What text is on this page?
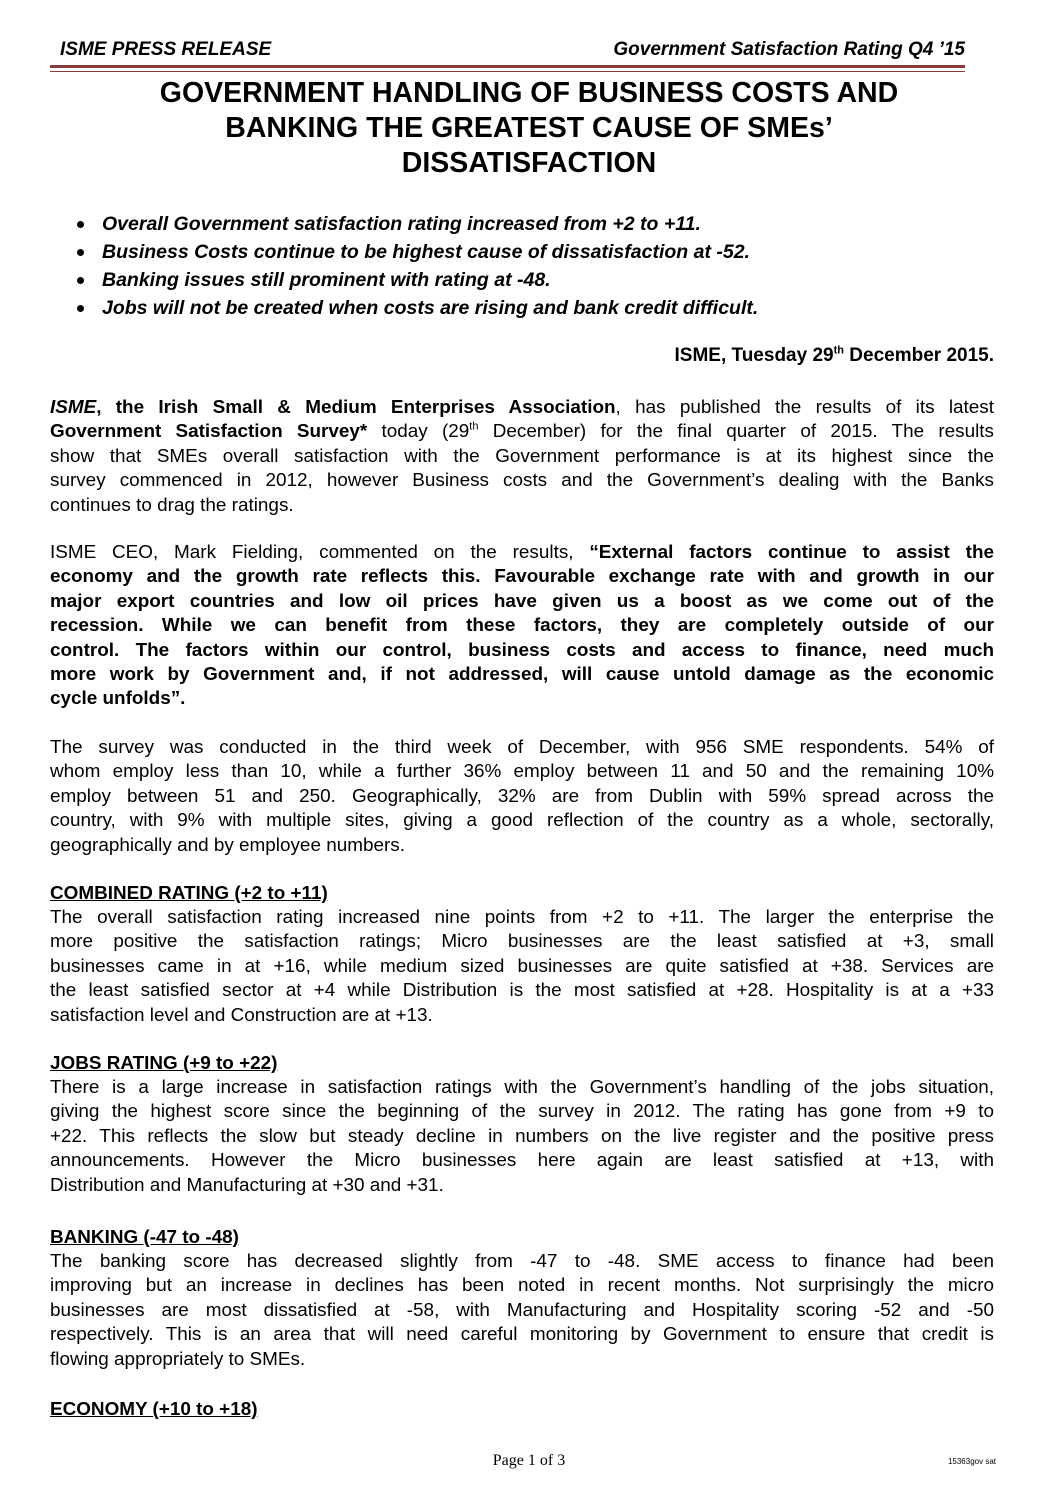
ISME PRESS RELEASE	Government Satisfaction Rating Q4 ’15
GOVERNMENT HANDLING OF BUSINESS COSTS AND
BANKING THE GREATEST CAUSE OF SMEs’
DISSATISFACTION
Overall Government satisfaction rating increased from +2 to +11.
Business Costs continue to be highest cause of dissatisfaction at -52.
Banking issues still prominent with rating at -48.
Jobs will not be created when costs are rising and bank credit difficult.
ISME, Tuesday 29th December 2015.
ISME, the Irish Small & Medium Enterprises Association, has published the results of its latest
Government Satisfaction Survey* today (29th December) for the final quarter of 2015. The results
show that SMEs overall satisfaction with the Government performance is at its highest since the
survey commenced in 2012, however Business costs and the Government’s dealing with the Banks
continues to drag the ratings.
ISME CEO, Mark Fielding, commented on the results, “External factors continue to assist the
economy and the growth rate reflects this. Favourable exchange rate with and growth in our
major export countries and low oil prices have given us a boost as we come out of the
recession. While we can benefit from these factors, they are completely outside of our
control. The factors within our control, business costs and access to finance, need much
more work by Government and, if not addressed, will cause untold damage as the economic
cycle unfolds”.
The survey was conducted in the third week of December, with 956 SME respondents. 54% of
whom employ less than 10, while a further 36% employ between 11 and 50 and the remaining 10%
employ between 51 and 250. Geographically, 32% are from Dublin with 59% spread across the
country, with 9% with multiple sites, giving a good reflection of the country as a whole, sectorally,
geographically and by employee numbers.
COMBINED RATING (+2 to +11)
The overall satisfaction rating increased nine points from +2 to +11. The larger the enterprise the
more positive the satisfaction ratings; Micro businesses are the least satisfied at +3, small
businesses came in at +16, while medium sized businesses are quite satisfied at +38. Services are
the least satisfied sector at +4 while Distribution is the most satisfied at +28. Hospitality is at a +33
satisfaction level and Construction are at +13.
JOBS RATING (+9 to +22)
There is a large increase in satisfaction ratings with the Government’s handling of the jobs situation,
giving the highest score since the beginning of the survey in 2012. The rating has gone from +9 to
+22. This reflects the slow but steady decline in numbers on the live register and the positive press
announcements. However the Micro businesses here again are least satisfied at +13, with
Distribution and Manufacturing at +30 and +31.
BANKING (-47 to -48)
The banking score has decreased slightly from -47 to -48. SME access to finance had been
improving but an increase in declines has been noted in recent months. Not surprisingly the micro
businesses are most dissatisfied at -58, with Manufacturing and Hospitality scoring -52 and -50
respectively. This is an area that will need careful monitoring by Government to ensure that credit is
flowing appropriately to SMEs.
ECONOMY (+10 to +18)
Page 1 of 3	15363gov sat
